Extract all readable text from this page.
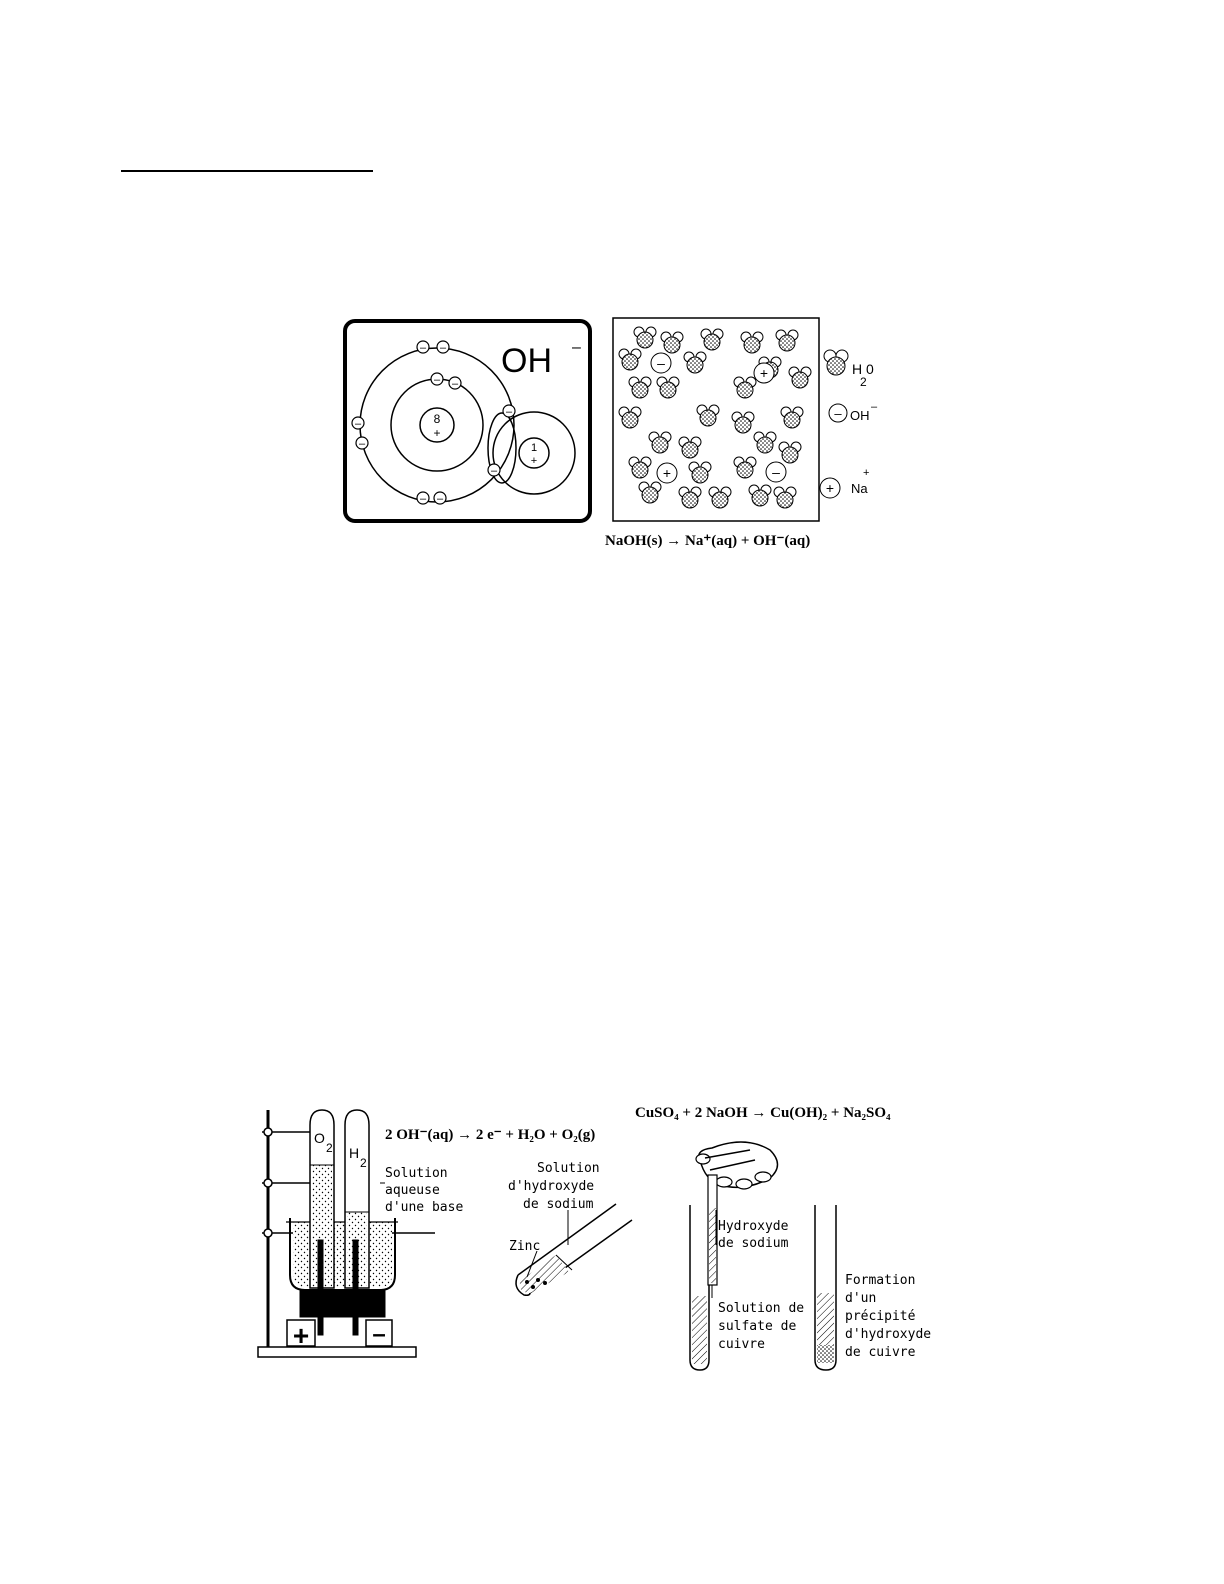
OH –
8
+
1
+
– –
– –
–
–
– –
–
–
–
+
+	–
H 0
2
– OH
–
+ Na
+
NaOH(s) → Na⁺(aq) + OH⁻(aq)
O
2 H
2
+	–
Solution
aqueuse
d'une base
2 OH⁻(aq) → 2 e⁻ + H₂O + O₂(g)
Solution
d'hydroxyde
de sodium
Zinc
CuSO₄ + 2 NaOH → Cu(OH)₂ + Na₂SO₄
Hydroxyde
de sodium
Solution de
sulfate de
cuivre
Formation
d'un
précipité
d'hydroxyde
de cuivre
